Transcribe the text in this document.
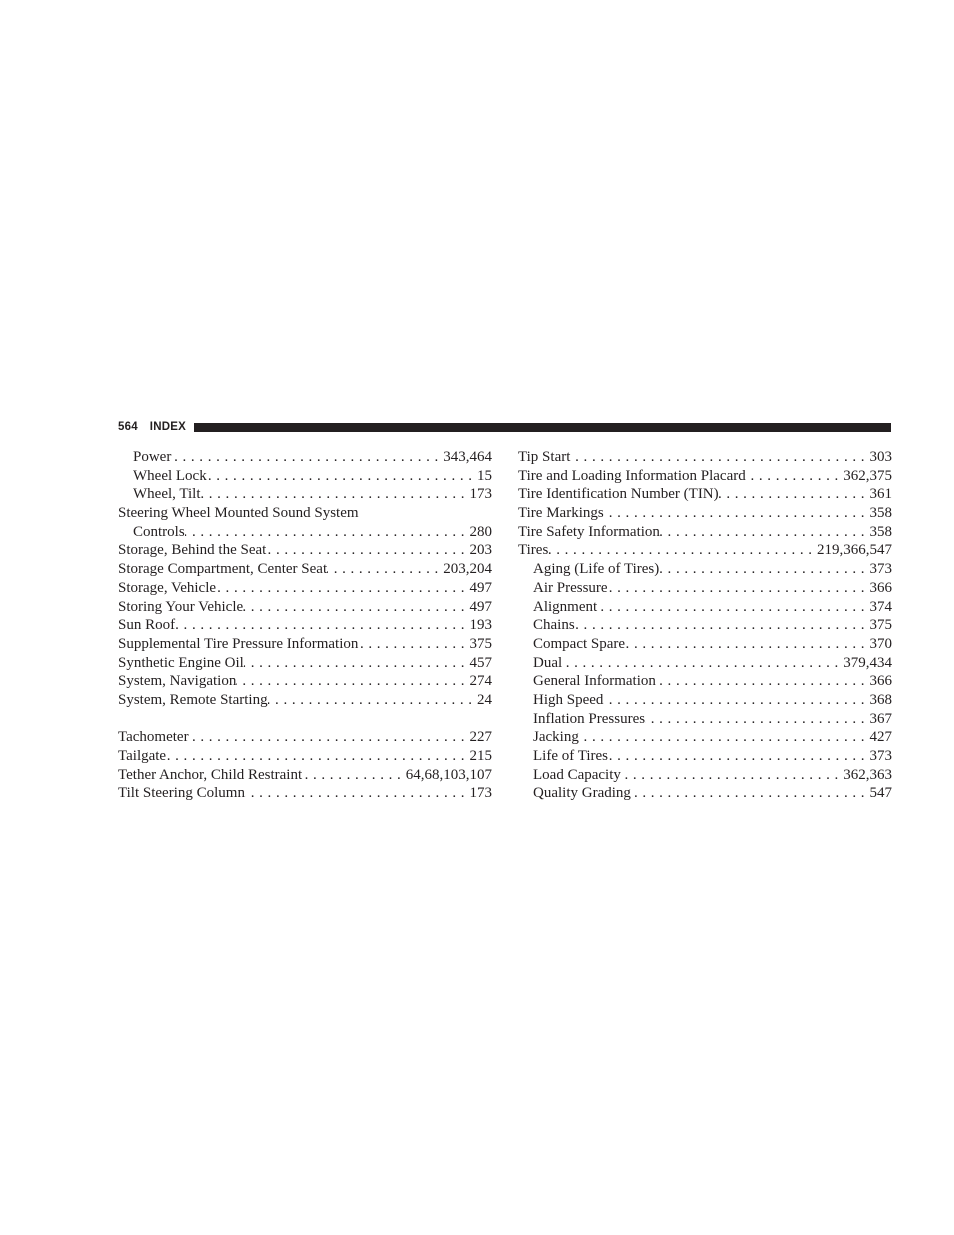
564 INDEX
Power . . .	343,464
Wheel Lock . . .	15
Wheel, Tilt . . .	173
Steering Wheel Mounted Sound System
Controls . . .	280
Storage, Behind the Seat . . .	203
Storage Compartment, Center Seat . . .	203,204
Storage, Vehicle . . .	497
Storing Your Vehicle . . .	497
Sun Roof . . .	193
Supplemental Tire Pressure Information . . .	375
Synthetic Engine Oil . . .	457
System, Navigation . . .	274
System, Remote Starting . . .	24
Tachometer . . .	227
Tailgate . . .	215
Tether Anchor, Child Restraint . . .	64,68,103,107
Tilt Steering Column . . .	173
Tip Start . . .	303
Tire and Loading Information Placard . . .	362,375
Tire Identification Number (TIN) . . .	361
Tire Markings . . .	358
Tire Safety Information . . .	358
Tires . . .	219,366,547
Aging (Life of Tires) . . .	373
Air Pressure . . .	366
Alignment . . .	374
Chains . . .	375
Compact Spare . . .	370
Dual . . .	379,434
General Information . . .	366
High Speed . . .	368
Inflation Pressures . . .	367
Jacking . . .	427
Life of Tires . . .	373
Load Capacity . . .	362,363
Quality Grading . . .	547
